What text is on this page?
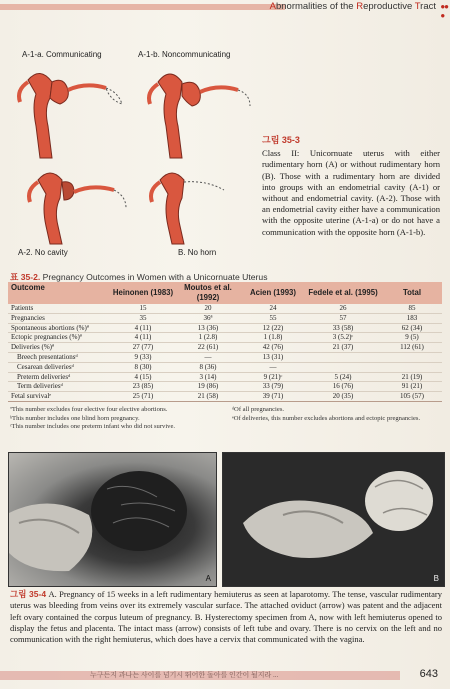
Abnormalities of the Reproductive Tract ●●
●
A-1-a. Communicating	A-1-b. Noncommunicating
A-2. No cavity	B. No horn
그림 35-3
Class II: Unicornuate uterus with either rudimentary horn (A) or without rudimentary horn (B). Those with a rudimentary horn are divided into groups with an endometrial cavity (A-1) or without and endometrial cavity. (A-2). Those with an endometrial cavity either have a communication with the opposite uterine (A-1-a) or do not have a communication with the opposite horn (A-1-b).
표 35-2. Pregnancy Outcomes in Women with a Unicornuate Uterus
Outcome	Heinonen (1983)	Moutos et al. (1992)	Acien (1993)	Fedele et al. (1995)	Total
Patients	15	20	24	26	85
Pregnancies	35	36ª	55	57	183
Spontaneous abortions (%)ª	4 (11)	13 (36)	12 (22)	33 (58)	62 (34)
Ectopic pregnancies (%)ª	4 (11)	1 (2.8)	1 (1.8)	3 (5.2)ᶜ	9 (5)
Deliveries (%)ª	27 (77)	22 (61)	42 (76)	21 (37)	112 (61)
Breech presentationsᵈ	9 (33)	—	13 (31)		
Cesarean deliveriesᵈ	8 (30)	8 (36)	—		
Preterm deliveriesᵈ	4 (15)	3 (14)	9 (21)ᶜ	5 (24)	21 (19)
Term deliveriesᵈ	23 (85)	19 (86)	33 (79)	16 (76)	91 (21)
Fetal survivalᵉ	25 (71)	21 (58)	39 (71)	20 (35)	105 (57)
ªThis number excludes four elective four elective abortions.
ᵇThis number includes one blind horn pregnancy.
ᶜThis number includes one preterm infant who did not survive.
ᵈOf all pregnancies.
ᵉOf deliveries, this number excludes abortions and ectopic pregnancies.
A	B
그림 35-4 A. Pregnancy of 15 weeks in a left rudimentary hemiuterus as seen at laparotomy. The tense, vascular rudimentary uterus was bleeding from veins over its extremely vascular surface. The attached oviduct (arrow) was patent and the adjacent left ovary contained the corpus luteum of pregnancy. B. Hysterectomy specimen from A, now with left hemiuterus opened to display the fetus and placenta. The intact mass (arrow) consists of left tube and ovary. There is no cervix on the left and no communication with the right hemiuterus, which does have a cervix that communicated with the vagina.
누구든지 과나는 사이를 넘기시 뛰어한 돌아를 인간이 될지라 ...	643
